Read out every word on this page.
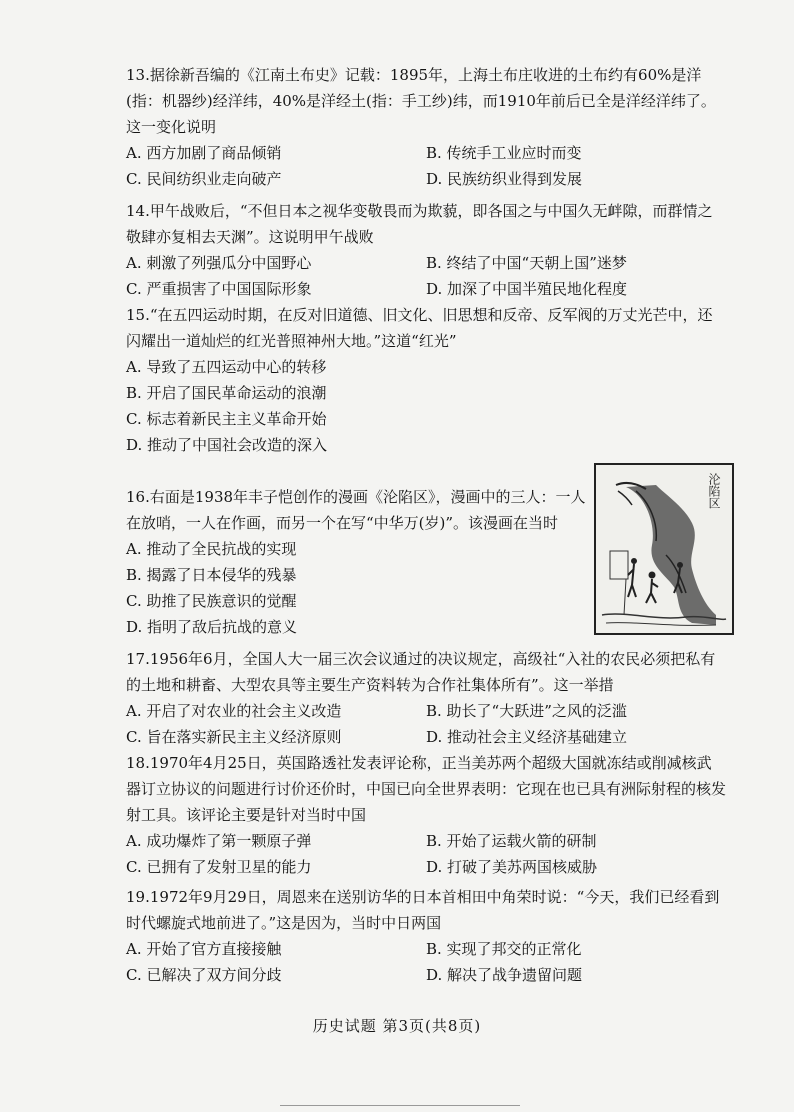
13.据徐新吾编的《江南土布史》记载：1895年，上海土布庄收进的土布约有60%是洋(指：机器纱)经洋纬，40%是洋经土(指：手工纱)纬，而1910年前后已全是洋经洋纬了。这一变化说明

A. 西方加剧了商品倾销	B. 传统手工业应时而变
C. 民间纺织业走向破产	D. 民族纺织业得到发展

14.甲午战败后，“不但日本之视华变敬畏而为欺藐，即各国之与中国久无衅隙，而群情之敬肆亦复相去天渊”。这说明甲午战败

A. 刺激了列强瓜分中国野心	B. 终结了中国“天朝上国”迷梦
C. 严重损害了中国国际形象	D. 加深了中国半殖民地化程度

15.“在五四运动时期，在反对旧道德、旧文化、旧思想和反帝、反军阀的万丈光芒中，还闪耀出一道灿烂的红光普照神州大地。”这道“红光”

A. 导致了五四运动中心的转移
B. 开启了国民革命运动的浪潮
C. 标志着新民主主义革命开始
D. 推动了中国社会改造的深入

16.右面是1938年丰子恺创作的漫画《沦陷区》，漫画中的三人：一人在放哨，一人在作画，而另一个在写“中华万(岁)”。该漫画在当时

A. 推动了全民抗战的实现
B. 揭露了日本侵华的残暴
C. 助推了民族意识的觉醒
D. 指明了敌后抗战的意义
沦陷区

17.1956年6月，全国人大一届三次会议通过的决议规定，高级社“入社的农民必须把私有的土地和耕畜、大型农具等主要生产资料转为合作社集体所有”。这一举措

A. 开启了对农业的社会主义改造	B. 助长了“大跃进”之风的泛滥
C. 旨在落实新民主主义经济原则	D. 推动社会主义经济基础建立

18.1970年4月25日，英国路透社发表评论称，正当美苏两个超级大国就冻结或削减核武器订立协议的问题进行讨价还价时，中国已向全世界表明：它现在也已具有洲际射程的核发射工具。该评论主要是针对当时中国

A. 成功爆炸了第一颗原子弹	B. 开始了运载火箭的研制
C. 已拥有了发射卫星的能力	D. 打破了美苏两国核威胁

19.1972年9月29日，周恩来在送别访华的日本首相田中角荣时说：“今天，我们已经看到时代螺旋式地前进了。”这是因为，当时中日两国

A. 开始了官方直接接触	B. 实现了邦交的正常化
C. 已解决了双方间分歧	D. 解决了战争遗留问题
历史试题 第3页(共8页)
